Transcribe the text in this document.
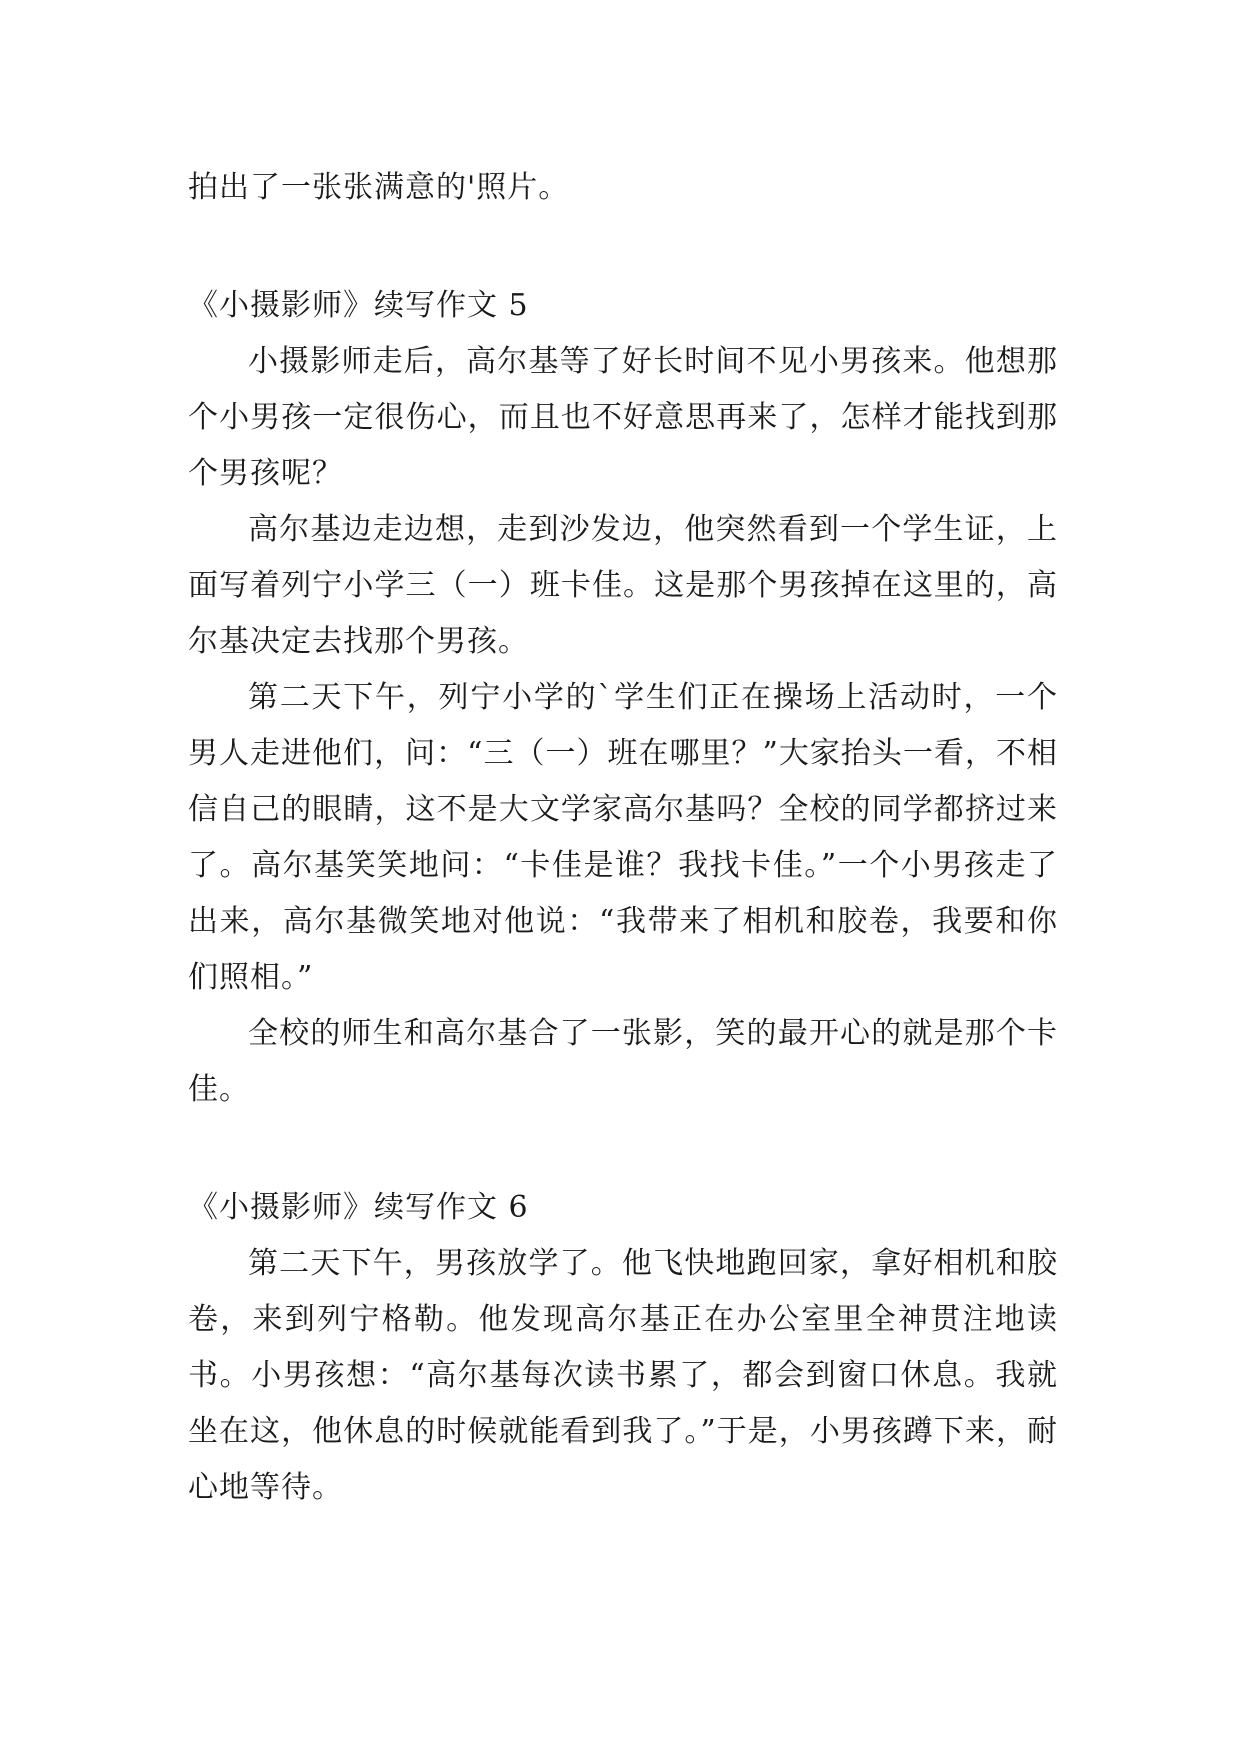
拍出了一张张满意的'照片。

《小摄影师》续写作文 5

小摄影师走后，高尔基等了好长时间不见小男孩来。他想那个小男孩一定很伤心，而且也不好意思再来了，怎样才能找到那个男孩呢？

高尔基边走边想，走到沙发边，他突然看到一个学生证，上面写着列宁小学三（一）班卡佳。这是那个男孩掉在这里的，高尔基决定去找那个男孩。

第二天下午，列宁小学的`学生们正在操场上活动时，一个男人走进他们，问：“三（一）班在哪里？”大家抬头一看，不相信自己的眼睛，这不是大文学家高尔基吗？全校的同学都挤过来了。高尔基笑笑地问：“卡佳是谁？我找卡佳。”一个小男孩走了出来，高尔基微笑地对他说：“我带来了相机和胶卷，我要和你们照相。”

全校的师生和高尔基合了一张影，笑的最开心的就是那个卡佳。

《小摄影师》续写作文 6

第二天下午，男孩放学了。他飞快地跑回家，拿好相机和胶卷，来到列宁格勒。他发现高尔基正在办公室里全神贯注地读书。小男孩想：“高尔基每次读书累了，都会到窗口休息。我就坐在这，他休息的时候就能看到我了。”于是，小男孩蹲下来，耐心地等待。
